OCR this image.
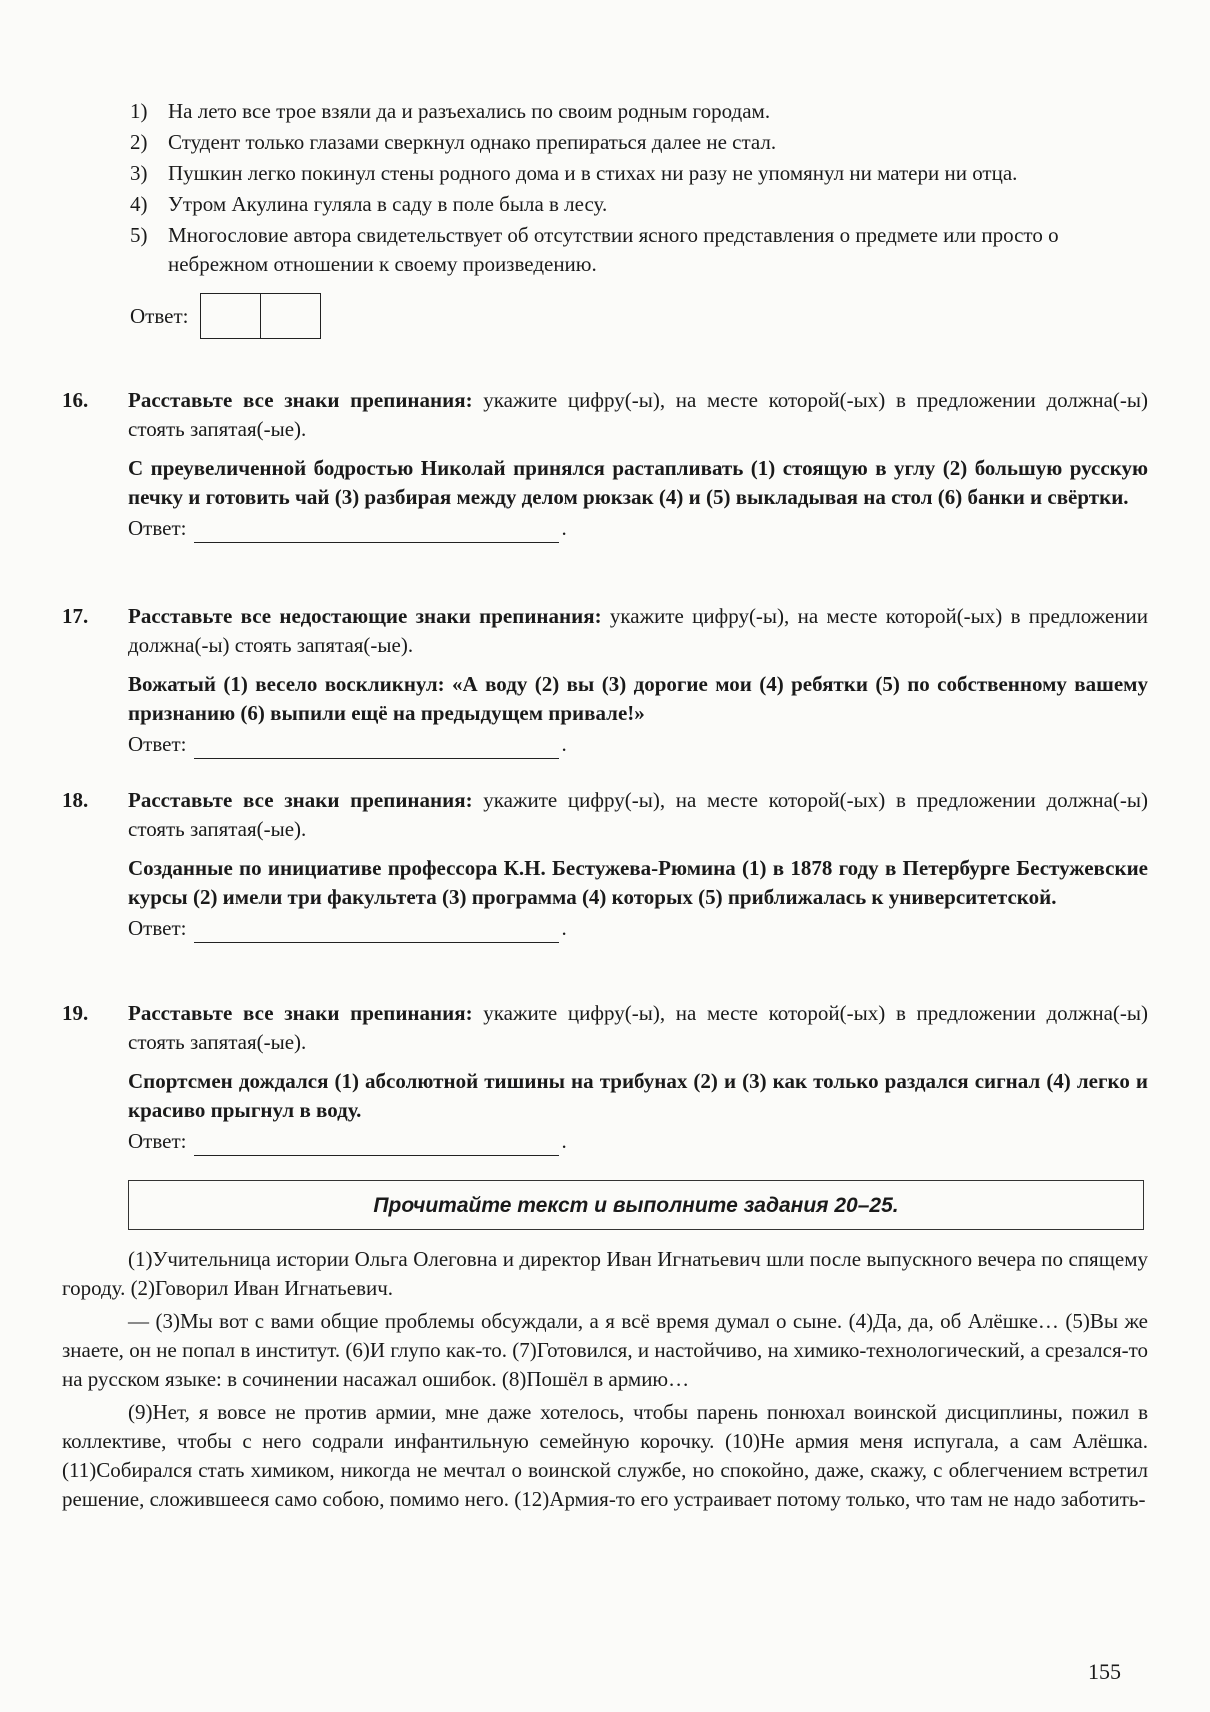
1) На лето все трое взяли да и разъехались по своим родным городам.
2) Студент только глазами сверкнул однако препираться далее не стал.
3) Пушкин легко покинул стены родного дома и в стихах ни разу не упомянул ни матери ни отца.
4) Утром Акулина гуляла в саду в поле была в лесу.
5) Многословие автора свидетельствует об отсутствии ясного представления о предмете или просто о небрежном отношении к своему произведению.
Ответ:
16. Расставьте все знаки препинания: укажите цифру(-ы), на месте которой(-ых) в предложении должна(-ы) стоять запятая(-ые).

С преувеличенной бодростью Николай принялся растапливать (1) стоящую в углу (2) большую русскую печку и готовить чай (3) разбирая между делом рюкзак (4) и (5) выкладывая на стол (6) банки и свёртки.

Ответ:	.
17. Расставьте все недостающие знаки препинания: укажите цифру(-ы), на месте которой(-ых) в предложении должна(-ы) стоять запятая(-ые).

Вожатый (1) весело воскликнул: «А воду (2) вы (3) дорогие мои (4) ребятки (5) по собственному вашему признанию (6) выпили ещё на предыдущем привале!»

Ответ:	.
18. Расставьте все знаки препинания: укажите цифру(-ы), на месте которой(-ых) в предложении должна(-ы) стоять запятая(-ые).

Созданные по инициативе профессора К.Н. Бестужева-Рюмина (1) в 1878 году в Петербурге Бестужевские курсы (2) имели три факультета (3) программа (4) которых (5) приближалась к университетской.

Ответ:	.
19. Расставьте все знаки препинания: укажите цифру(-ы), на месте которой(-ых) в предложении должна(-ы) стоять запятая(-ые).

Спортсмен дождался (1) абсолютной тишины на трибунах (2) и (3) как только раздался сигнал (4) легко и красиво прыгнул в воду.

Ответ:	.
Прочитайте текст и выполните задания 20–25.

(1)Учительница истории Ольга Олеговна и директор Иван Игнатьевич шли после выпускного вечера по спящему городу. (2)Говорил Иван Игнатьевич.

— (3)Мы вот с вами общие проблемы обсуждали, а я всё время думал о сыне. (4)Да, да, об Алёшке… (5)Вы же знаете, он не попал в институт. (6)И глупо как-то. (7)Готовился, и настойчиво, на химико-технологический, а срезался-то на русском языке: в сочинении насажал ошибок. (8)Пошёл в армию…

(9)Нет, я вовсе не против армии, мне даже хотелось, чтобы парень понюхал воинской дисциплины, пожил в коллективе, чтобы с него содрали инфантильную семейную корочку. (10)Не армия меня испугала, а сам Алёшка. (11)Собирался стать химиком, никогда не мечтал о воинской службе, но спокойно, даже, скажу, с облегчением встретил решение, сложившееся само собою, помимо него. (12)Армия-то его устраивает потому только, что там не надо заботить-

155
